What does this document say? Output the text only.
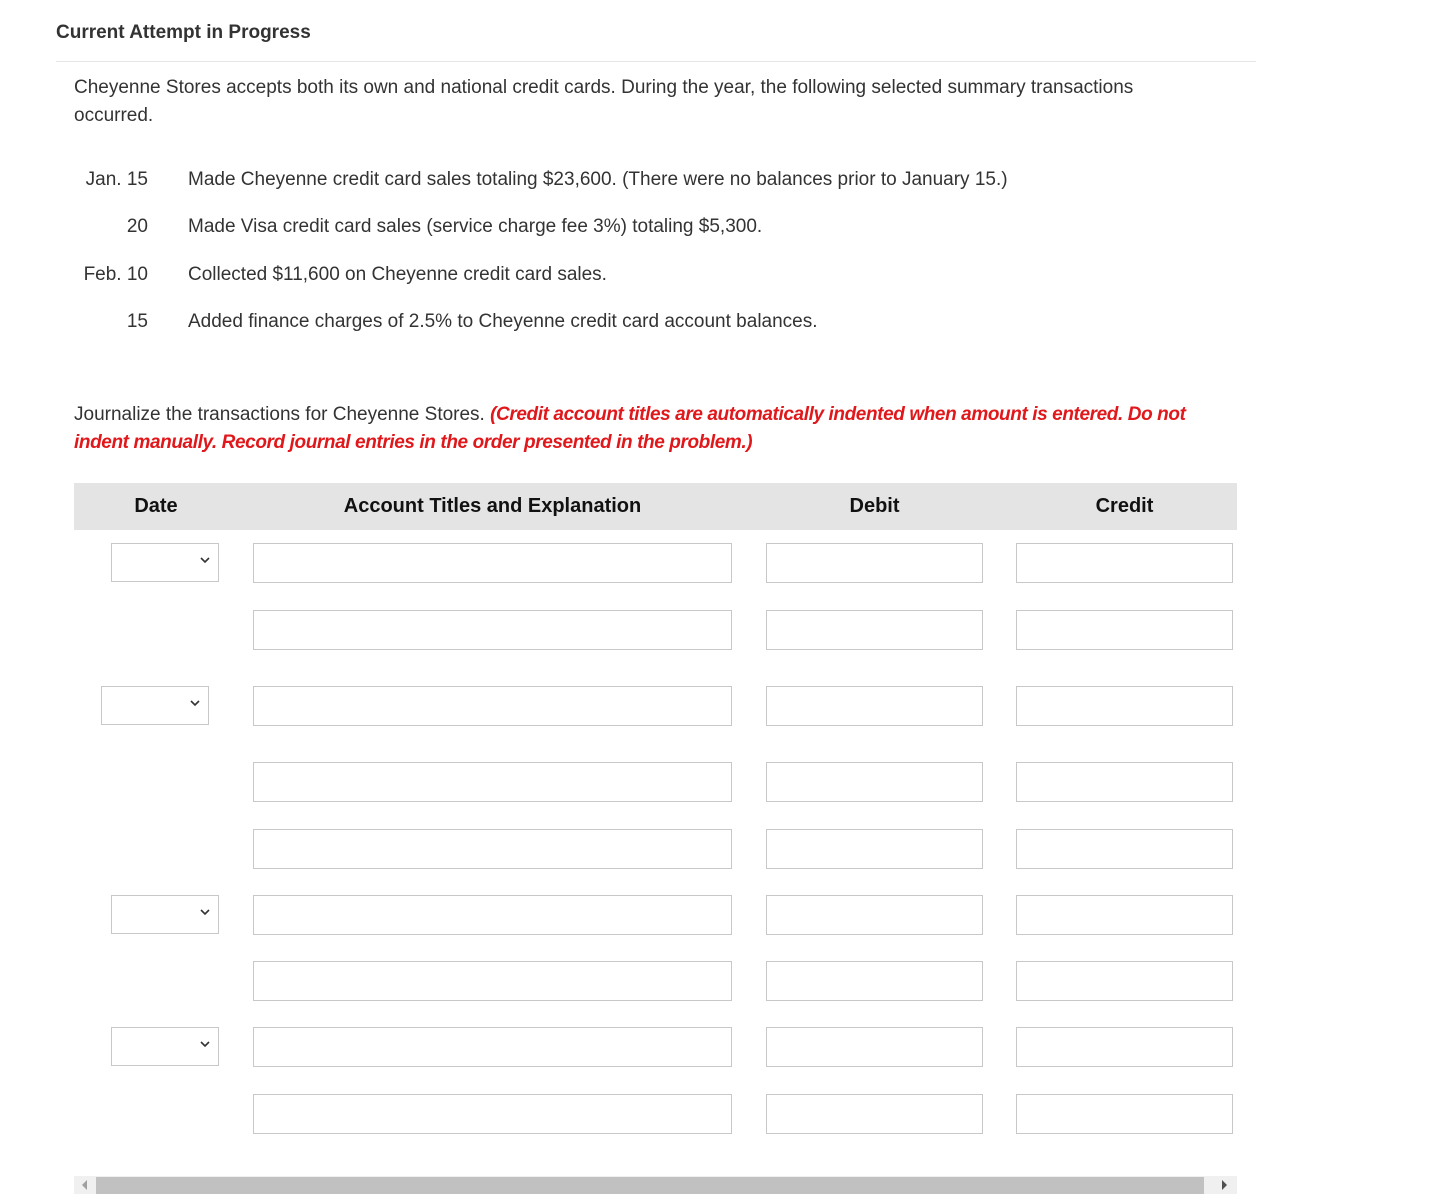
Current Attempt in Progress
Cheyenne Stores accepts both its own and national credit cards. During the year, the following selected summary transactions occurred.
Jan. 15 Made Cheyenne credit card sales totaling $23,600. (There were no balances prior to January 15.)
20 Made Visa credit card sales (service charge fee 3%) totaling $5,300.
Feb. 10 Collected $11,600 on Cheyenne credit card sales.
15 Added finance charges of 2.5% to Cheyenne credit card account balances.
Journalize the transactions for Cheyenne Stores. (Credit account titles are automatically indented when amount is entered. Do not indent manually. Record journal entries in the order presented in the problem.)
Date	Account Titles and Explanation	Debit	Credit
